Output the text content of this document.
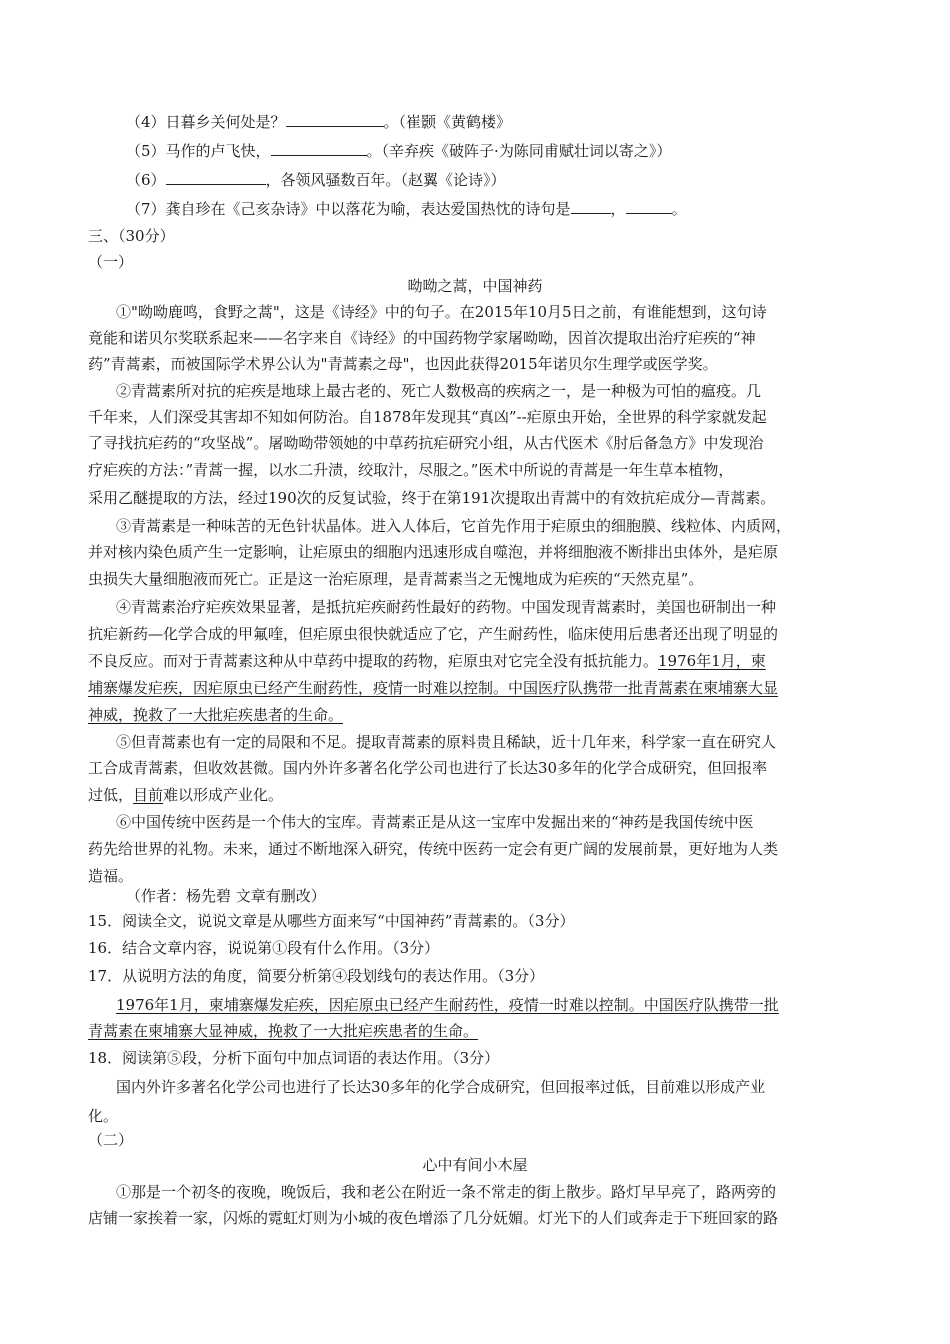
（4）日暮乡关何处是？	。（崔颢《黄鹤楼》
（5）马作的卢飞快，	。（辛弃疾《破阵子·为陈同甫赋壮词以寄之》）
（6）	，各领风骚数百年。（赵翼《论诗》）
（7）龚自珍在《己亥杂诗》中以落花为喻，表达爱国热忱的诗句是	，	。
三、（30分）
（一）
呦呦之蒿，中国神药
①"呦呦鹿鸣，食野之蒿"，这是《诗经》中的句子。在2015年10月5日之前，有谁能想到，这句诗
竟能和诺贝尔奖联系起来——名字来自《诗经》的中国药物学家屠呦呦，因首次提取出治疗疟疾的“神
药”青蒿素，而被国际学术界公认为"青蒿素之母"，也因此获得2015年诺贝尔生理学或医学奖。
②青蒿素所对抗的疟疾是地球上最古老的、死亡人数极高的疾病之一，是一种极为可怕的瘟疫。几
千年来，人们深受其害却不知如何防治。自1878年发现其“真凶”--疟原虫开始，全世界的科学家就发起
了寻找抗疟药的“攻坚战”。屠呦呦带领她的中草药抗疟研究小组，从古代医术《肘后备急方》中发现治
疗疟疾的方法：”青蒿一握，以水二升渍，绞取汁，尽服之。”医术中所说的青蒿是一年生草本植物，
采用乙醚提取的方法，经过190次的反复试验，终于在第191次提取出青蒿中的有效抗疟成分—青蒿素。
③青蒿素是一种味苦的无色针状晶体。进入人体后，它首先作用于疟原虫的细胞膜、线粒体、内质网，
并对核内染色质产生一定影响，让疟原虫的细胞内迅速形成自噬泡，并将细胞液不断排出虫体外，是疟原
虫损失大量细胞液而死亡。正是这一治疟原理，是青蒿素当之无愧地成为疟疾的“天然克星”。
④青蒿素治疗疟疾效果显著，是抵抗疟疾耐药性最好的药物。中国发现青蒿素时，美国也研制出一种
抗疟新药—化学合成的甲氟喹，但疟原虫很快就适应了它，产生耐药性，临床使用后患者还出现了明显的
不良反应。而对于青蒿素这种从中草药中提取的药物，疟原虫对它完全没有抵抗能力。1976年1月，柬
埔寨爆发疟疾，因疟原虫已经产生耐药性，疫情一时难以控制。中国医疗队携带一批青蒿素在柬埔寨大显
神威，挽救了一大批疟疾患者的生命。
⑤但青蒿素也有一定的局限和不足。提取青蒿素的原料贵且稀缺，近十几年来，科学家一直在研究人
工合成青蒿素，但收效甚微。国内外许多著名化学公司也进行了长达30多年的化学合成研究，但回报率
过低，目前难以形成产业化。
⑥中国传统中医药是一个伟大的宝库。青蒿素正是从这一宝库中发掘出来的“神药是我国传统中医
药先给世界的礼物。未来，通过不断地深入研究，传统中医药一定会有更广阔的发展前景，更好地为人类
造福。
（作者：杨先碧 文章有删改）
15．阅读全文，说说文章是从哪些方面来写“中国神药”青蒿素的。（3分）
16．结合文章内容，说说第①段有什么作用。（3分）
17．从说明方法的角度，简要分析第④段划线句的表达作用。（3分）
1976年1月，柬埔寨爆发疟疾，因疟原虫已经产生耐药性，疫情一时难以控制。中国医疗队携带一批
青蒿素在柬埔寨大显神威，挽救了一大批疟疾患者的生命。
18．阅读第⑤段，分析下面句中加点词语的表达作用。（3分）
国内外许多著名化学公司也进行了长达30多年的化学合成研究，但回报率过低，目前难以形成产业
化。
（二）
心中有间小木屋
①那是一个初冬的夜晚，晚饭后，我和老公在附近一条不常走的街上散步。路灯早早亮了，路两旁的
店铺一家挨着一家，闪烁的霓虹灯则为小城的夜色增添了几分妩媚。灯光下的人们或奔走于下班回家的路
